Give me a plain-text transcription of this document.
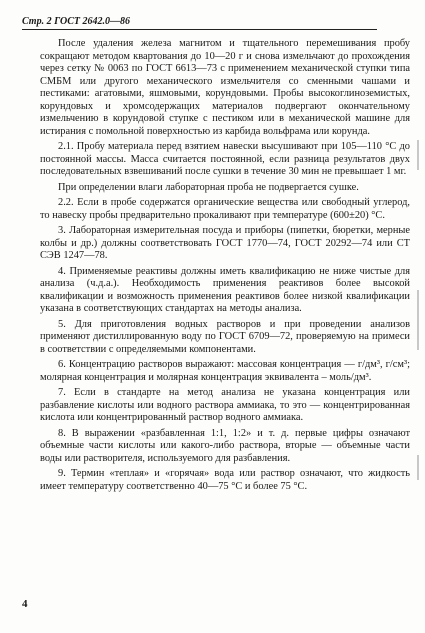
Стр. 2 ГОСТ 2642.0—86

После удаления железа магнитом и тщательного перемешивания пробу сокращают методом квартования до 10—20 г и снова измельчают до прохождения через сетку № 0063 по ГОСТ 6613—73 с применением механической ступки типа СМБМ или другого механического измельчителя со сменными чашами и пестиками: агатовыми, яшмовыми, корундовыми. Пробы высокоглиноземистых, корундовых и хромсодержащих материалов подвергают окончательному измельчению в корундовой ступке с пестиком или в механической машине для истирания с помольной поверхностью из карбида вольфрама или корунда.

2.1. Пробу материала перед взятием навески высушивают при 105—110 °С до постоянной массы. Масса считается постоянной, если разница результатов двух последовательных взвешиваний после сушки в течение 30 мин не превышает 1 мг.

При определении влаги лабораторная проба не подвергается сушке.

2.2. Если в пробе содержатся органические вещества или свободный углерод, то навеску пробы предварительно прокаливают при температуре (600±20) °С.

3. Лабораторная измерительная посуда и приборы (пипетки, бюретки, мерные колбы и др.) должны соответствовать ГОСТ 1770—74, ГОСТ 20292—74 или СТ СЭВ 1247—78.

4. Применяемые реактивы должны иметь квалификацию не ниже чистые для анализа (ч.д.а.). Необходимость применения реактивов более высокой квалификации и возможность применения реактивов более низкой квалификации указана в соответствующих стандартах на методы анализа.

5. Для приготовления водных растворов и при проведении анализов применяют дистиллированную воду по ГОСТ 6709—72, проверяемую на примеси в соответствии с определяемыми компонентами.

6. Концентрацию растворов выражают: массовая концентрация — г/дм³, г/см³; молярная концентрация и молярная концентрация эквивалента – моль/дм³.

7. Если в стандарте на метод анализа не указана концентрация или разбавление кислоты или водного раствора аммиака, то это — концентрированная кислота или концентрированный раствор водного аммиака.

8. В выражении «разбавленная 1:1, 1:2» и т. д. первые цифры означают объемные части кислоты или какого-либо раствора, вторые — объемные части воды или растворителя, используемого для разбавления.

9. Термин «теплая» и «горячая» вода или раствор означают, что жидкость имеет температуру соответственно 40—75 °С и более 75 °С.

4
